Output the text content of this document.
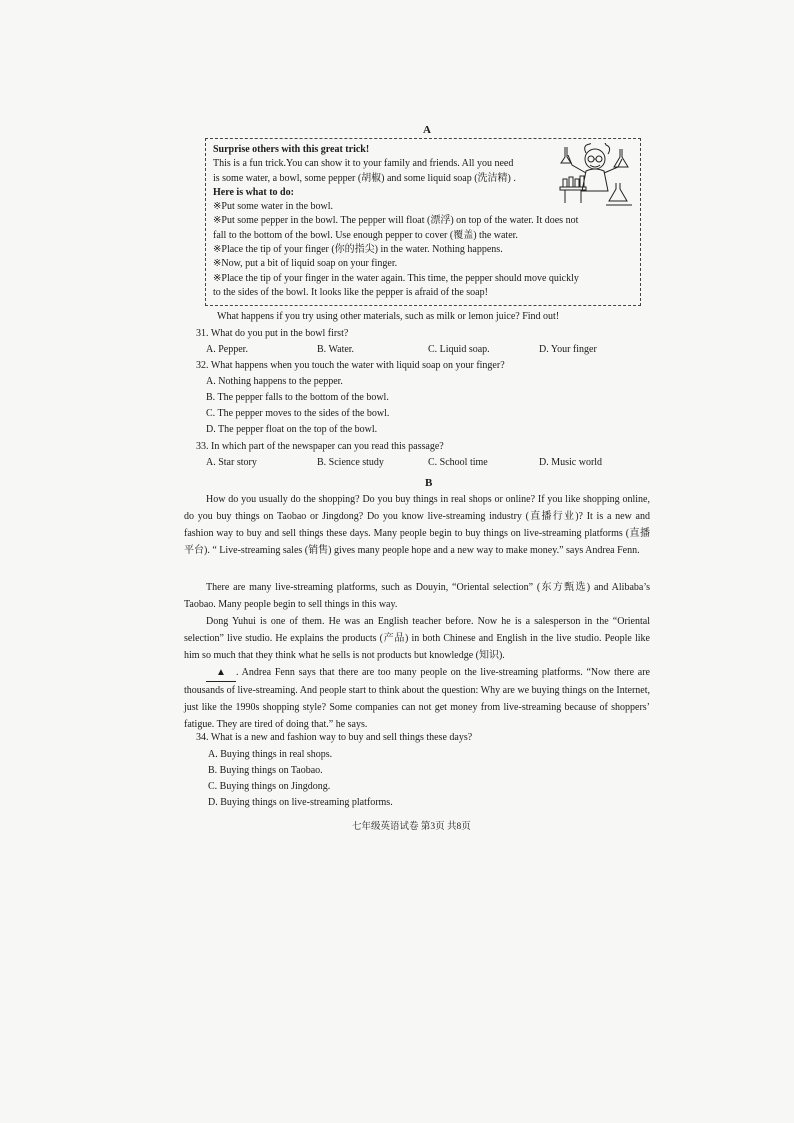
A
Surprise others with this great trick!
This is a fun trick.You can show it to your family and friends. All you need
is some water, a bowl, some pepper (胡椒) and some liquid soap (洗洁精) .
Here is what to do:
※Put some water in the bowl.
※Put some pepper in the bowl. The pepper will float (漂浮) on top of the water. It does not
fall to the bottom of the bowl. Use enough pepper to cover (覆盖) the water.
※Place the tip of your finger (你的指尖) in the water. Nothing happens.
※Now, put a bit of liquid soap on your finger.
※Place the tip of your finger in the water again. This time, the pepper should move quickly
to the sides of the bowl. It looks like the pepper is afraid of the soap!
What happens if you try using other materials, such as milk or lemon juice? Find out!
31. What do you put in the bowl first?
A. Pepper.	B. Water.	C. Liquid soap.	D. Your finger
32. What happens when you touch the water with liquid soap on your finger?
A. Nothing happens to the pepper.
B. The pepper falls to the bottom of the bowl.
C. The pepper moves to the sides of the bowl.
D. The pepper float on the top of the bowl.
33. In which part of the newspaper can you read this passage?
A. Star story	B. Science study	C. School time	D. Music world
B
How do you usually do the shopping? Do you buy things in real shops or online? If you like shopping online, do you buy things on Taobao or Jingdong? Do you know live-streaming industry (直播行业)? It is a new and fashion way to buy and sell things these days. Many people begin to buy things on live-streaming platforms (直播平台). “ Live-streaming sales (销售) gives many people hope and a new way to make money.” says Andrea Fenn.
There are many live-streaming platforms, such as Douyin, “Oriental selection” (东方甄选) and Alibaba’s Taobao. Many people begin to sell things in this way.
Dong Yuhui is one of them. He was an English teacher before. Now he is a salesperson in the “Oriental selection” live studio. He explains the products (产品) in both Chinese and English in the live studio. People like him so much that they think what he sells is not products but knowledge (知识).
▲ . Andrea Fenn says that there are too many people on the live-streaming platforms. “Now there are thousands of live-streaming. And people start to think about the question: Why are we buying things on the Internet, just like the 1990s shopping style? Some companies can not get money from live-streaming because of shoppers’ fatigue. They are tired of doing that.” he says.
34. What is a new and fashion way to buy and sell things these days?
A. Buying things in real shops.
B. Buying things on Taobao.
C. Buying things on Jingdong.
D. Buying things on live-streaming platforms.
七年级英语试卷 第3页 共8页
